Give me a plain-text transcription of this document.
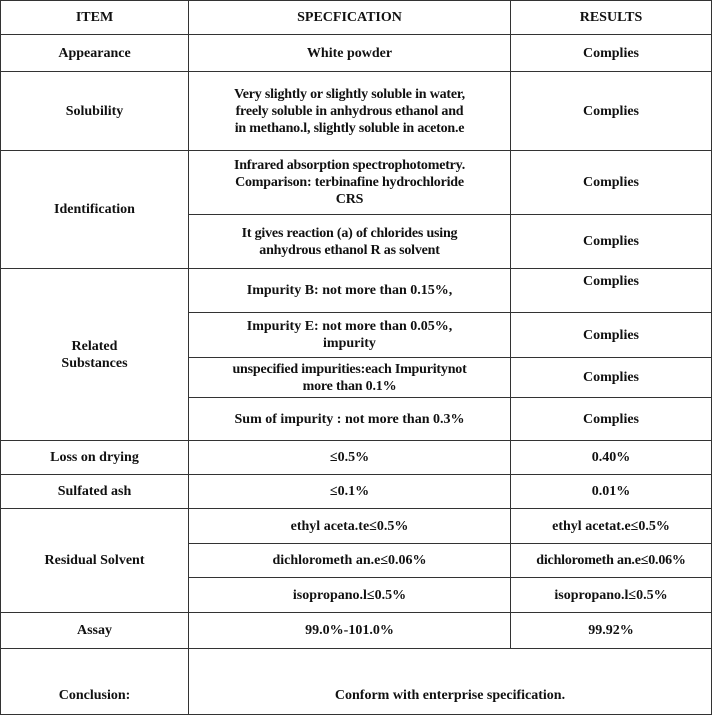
ITEM	SPECFICATION	RESULTS
Appearance	White powder	Complies
Solubility	Very slightly or slightly soluble in water,
freely soluble in anhydrous ethanol and
in methano.l, slightly soluble in aceton.e	Complies
Identification	Infrared absorption spectrophotometry.
Comparison: terbinafine hydrochloride
CRS	Complies

	It gives reaction (a) of chlorides using
anhydrous ethanol R as solvent	Complies

Related
Substances	Impurity B: not more than 0.15%,	Complies

	Impurity E: not more than 0.05%,
impurity	Complies

	unspecified impurities:each Impuritynot
more than 0.1%	Complies
	Sum of impurity : not more than 0.3%	Complies
Loss on drying	≤0.5%	0.40%
Sulfated ash	≤0.1%	0.01%
Residual Solvent	ethyl aceta.te≤0.5%	ethyl acetat.e≤0.5%
	dichlorometh an.e≤0.06%	dichlorometh an.e≤0.06%
	isopropano.l≤0.5%	isopropano.l≤0.5%
Assay	99.0%-101.0%	99.92%
Conclusion:	Conform with enterprise specification.	
